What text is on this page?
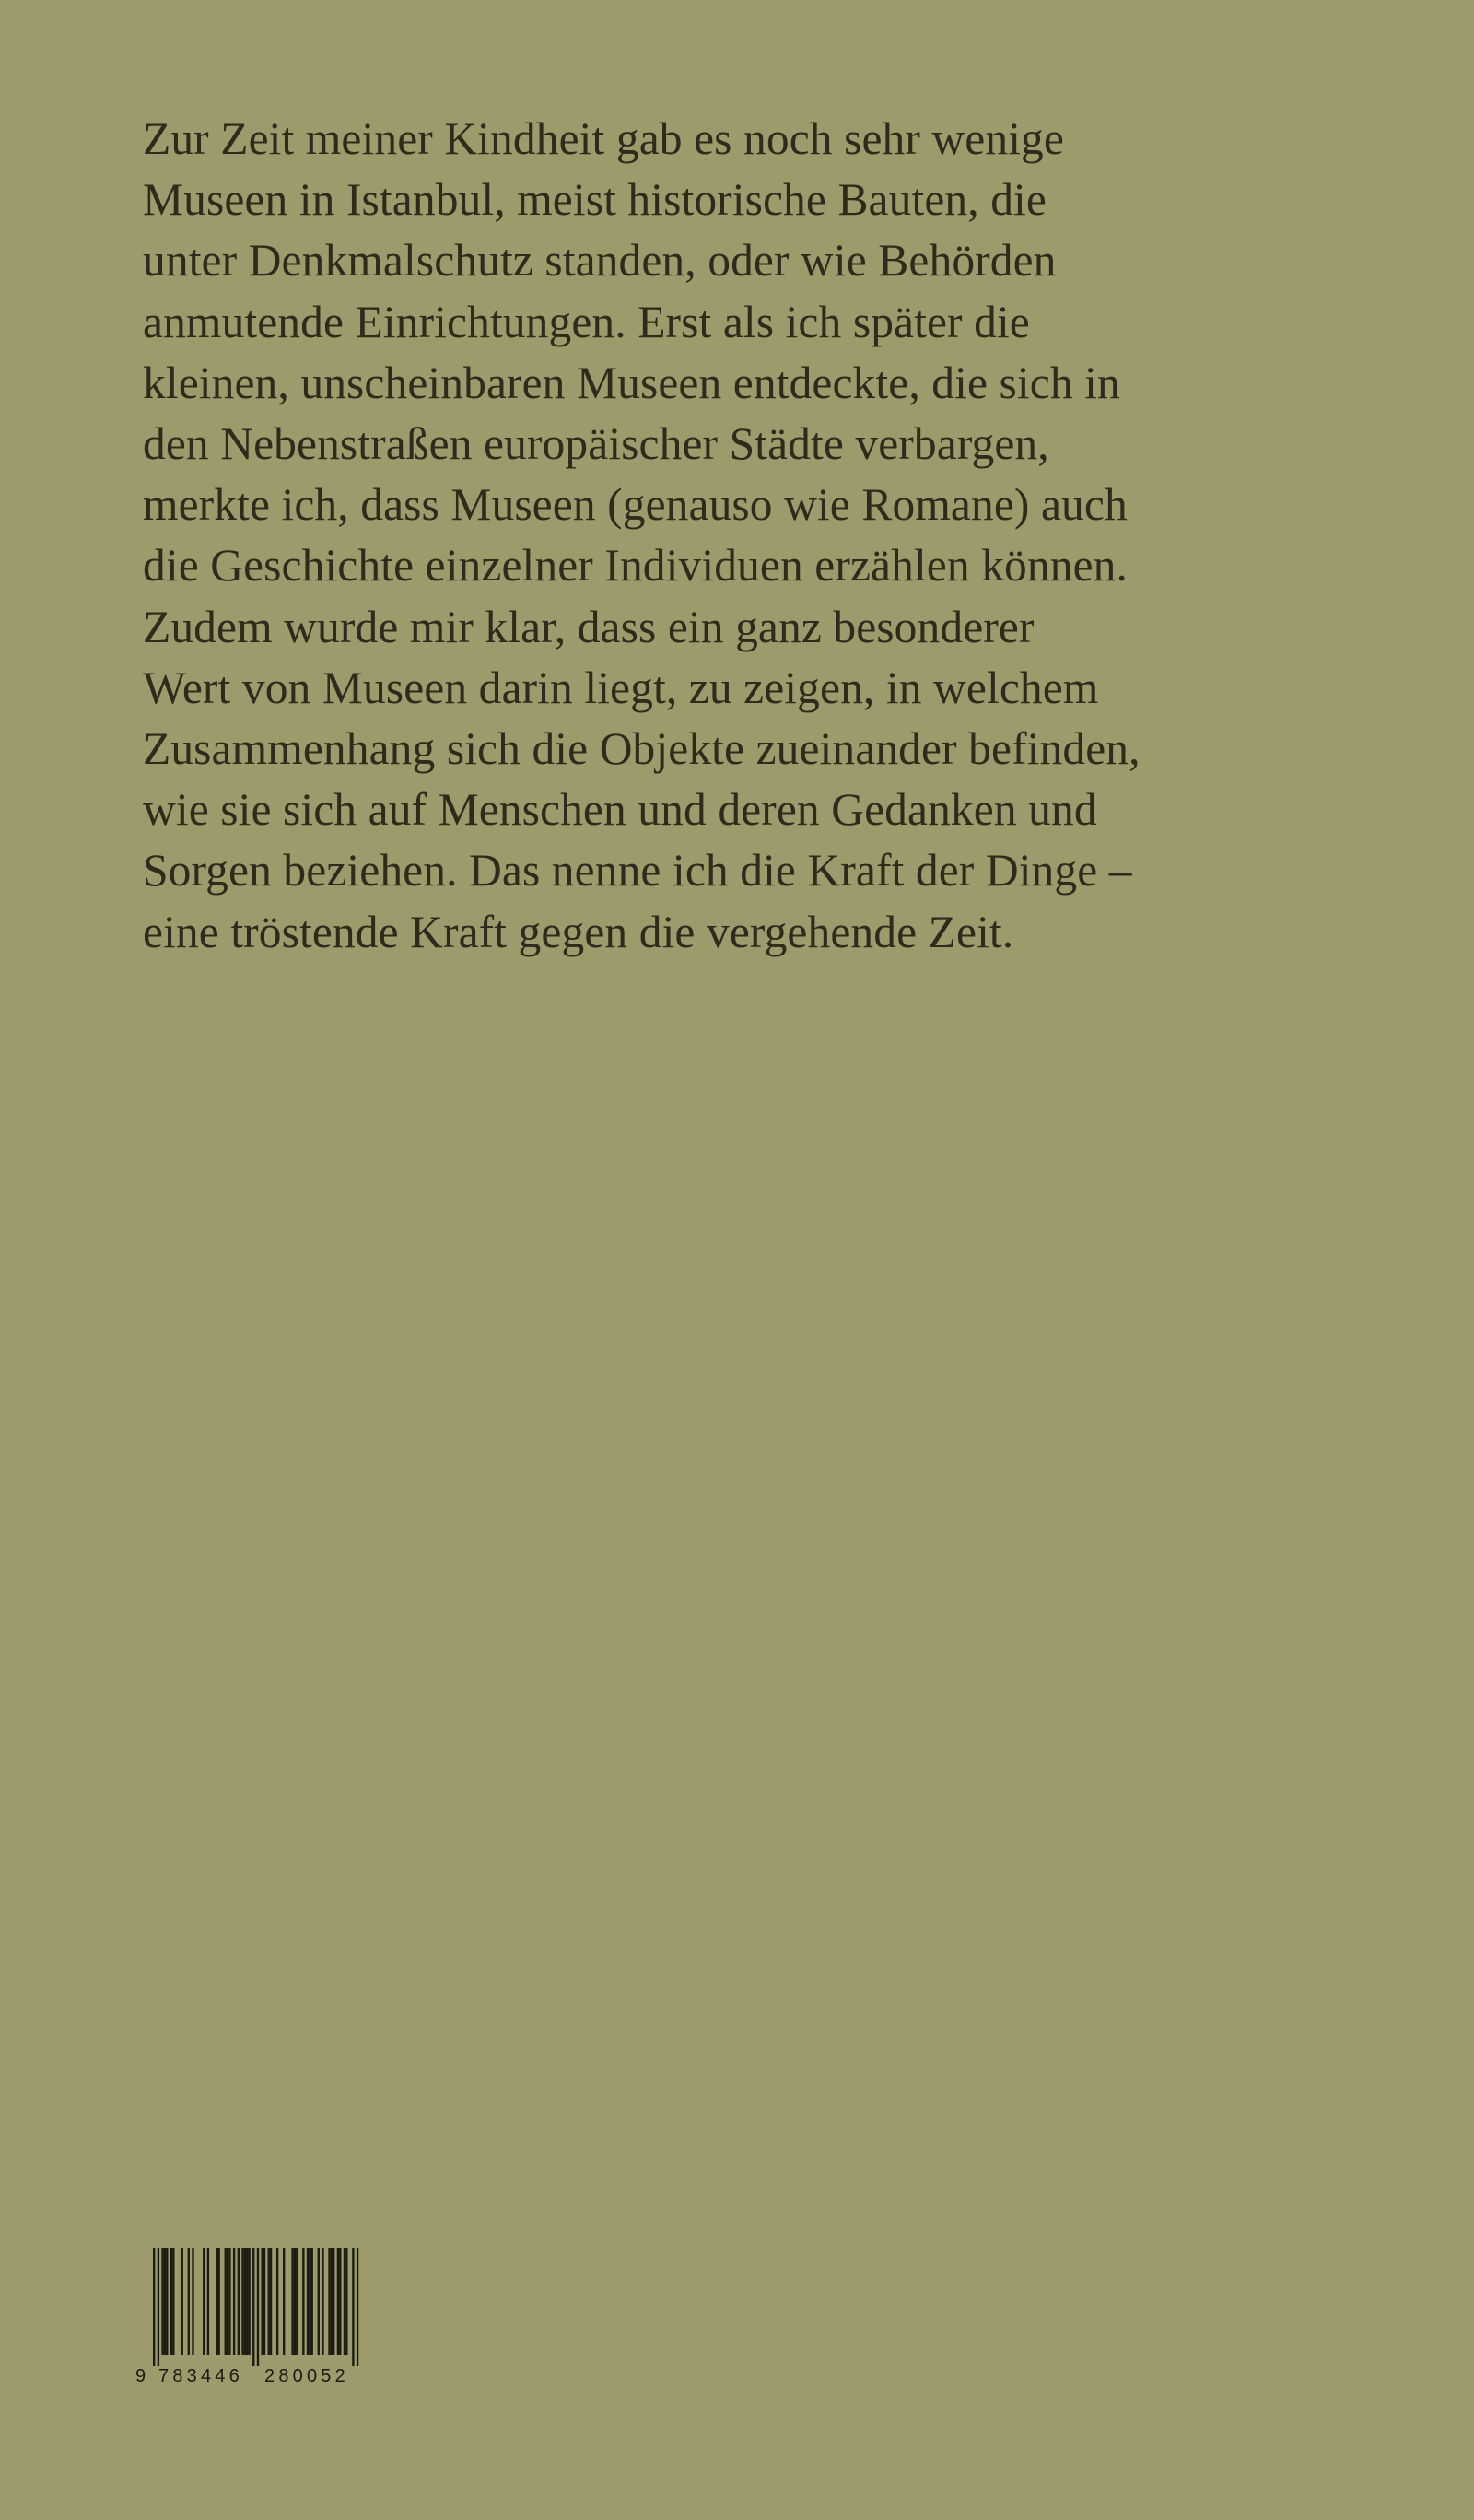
Zur Zeit meiner Kindheit gab es noch sehr wenige
Museen in Istanbul, meist historische Bauten, die
unter Denkmalschutz standen, oder wie Behörden
anmutende Einrichtungen. Erst als ich später die
kleinen, unscheinbaren Museen entdeckte, die sich in
den Nebenstraßen europäischer Städte verbargen,
merkte ich, dass Museen (genauso wie Romane) auch
die Geschichte einzelner Individuen erzählen können.
Zudem wurde mir klar, dass ein ganz besonderer
Wert von Museen darin liegt, zu zeigen, in welchem
Zusammenhang sich die Objekte zueinander befinden,
wie sie sich auf Menschen und deren Gedanken und
Sorgen beziehen. Das nenne ich die Kraft der Dinge –
eine tröstende Kraft gegen die vergehende Zeit.
9 783446 280052
